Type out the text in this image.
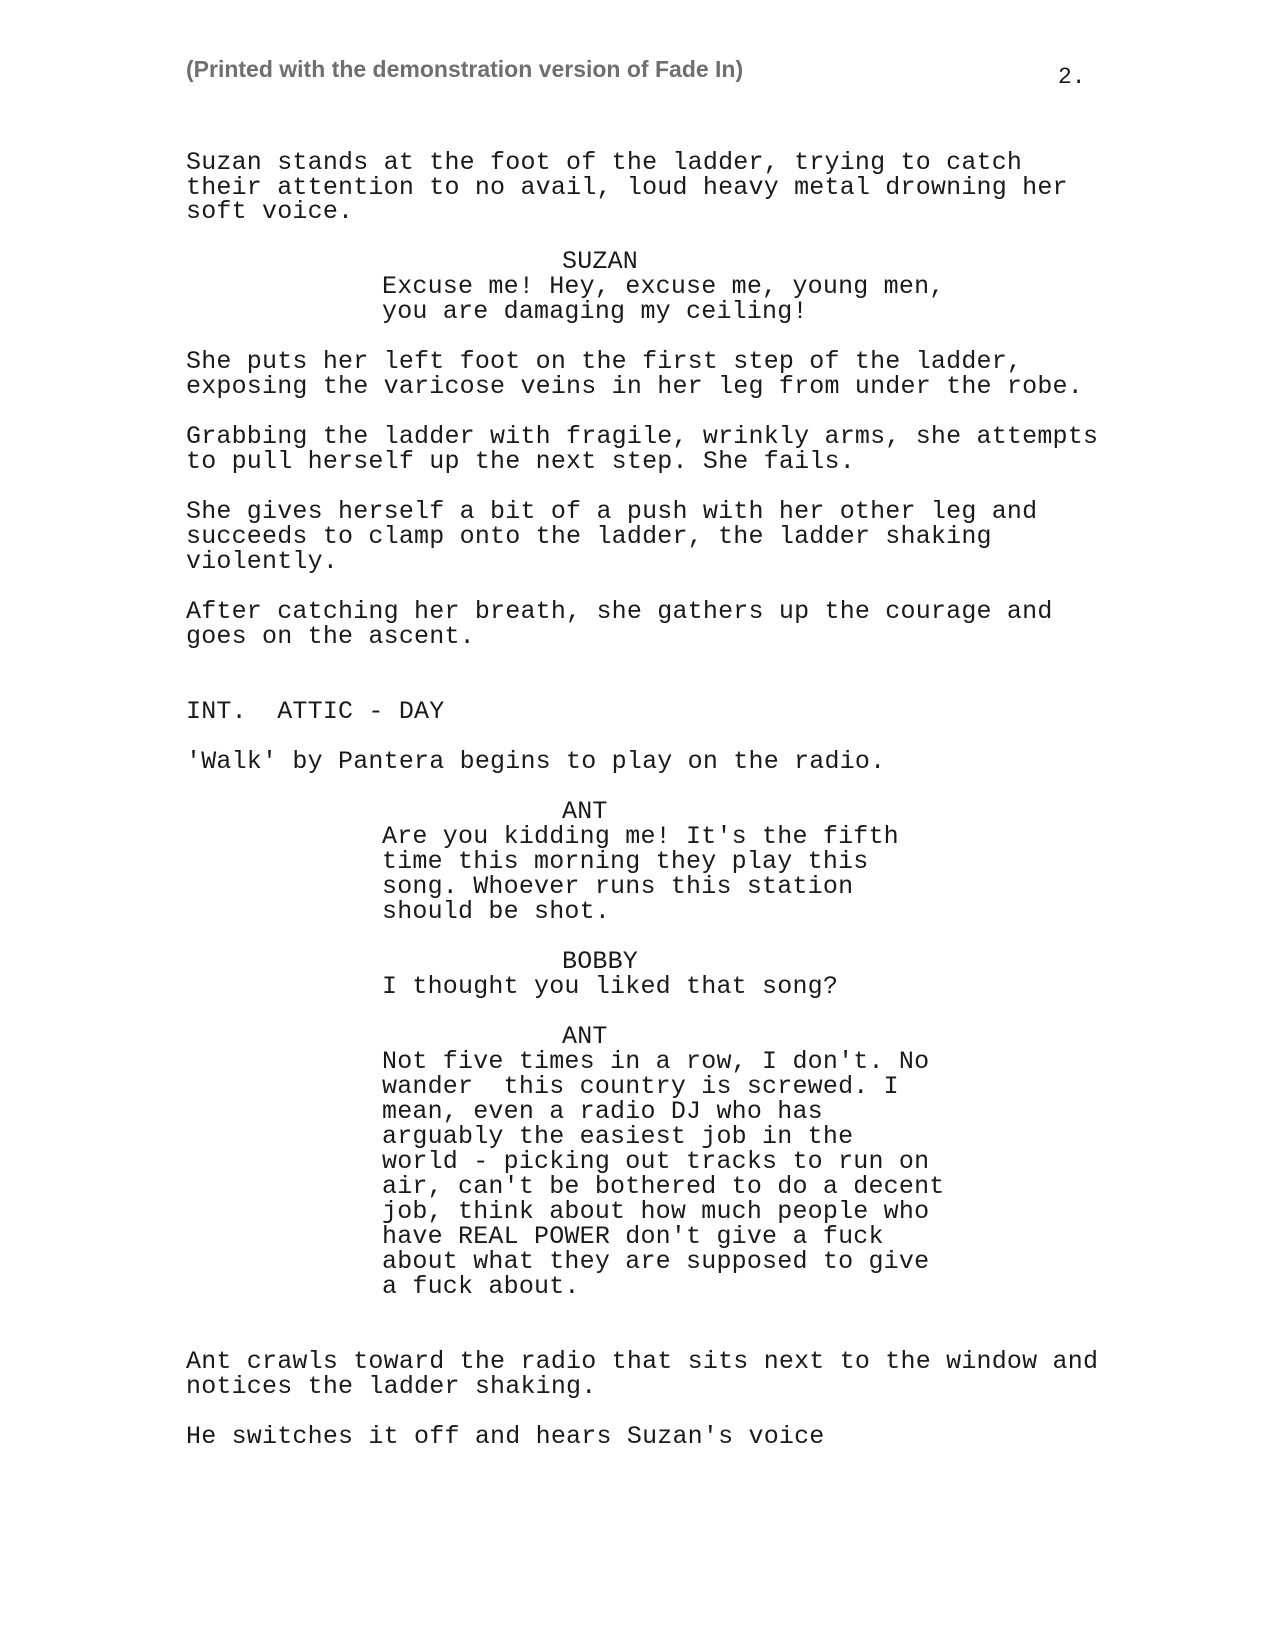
(Printed with the demonstration version of Fade In)	2.
Suzan stands at the foot of the ladder, trying to catch
their attention to no avail, loud heavy metal drowning her
soft voice.
SUZAN
Excuse me! Hey, excuse me, young men,
you are damaging my ceiling!
She puts her left foot on the first step of the ladder,
exposing the varicose veins in her leg from under the robe.
Grabbing the ladder with fragile, wrinkly arms, she attempts
to pull herself up the next step. She fails.
She gives herself a bit of a push with her other leg and
succeeds to clamp onto the ladder, the ladder shaking
violently.
After catching her breath, she gathers up the courage and
goes on the ascent.
INT.  ATTIC - DAY
'Walk' by Pantera begins to play on the radio.
ANT
Are you kidding me! It's the fifth
time this morning they play this
song. Whoever runs this station
should be shot.
BOBBY
I thought you liked that song?
ANT
Not five times in a row, I don't. No
wander  this country is screwed. I
mean, even a radio DJ who has
arguably the easiest job in the
world - picking out tracks to run on
air, can't be bothered to do a decent
job, think about how much people who
have REAL POWER don't give a fuck
about what they are supposed to give
a fuck about.
Ant crawls toward the radio that sits next to the window and
notices the ladder shaking.
He switches it off and hears Suzan's voice
